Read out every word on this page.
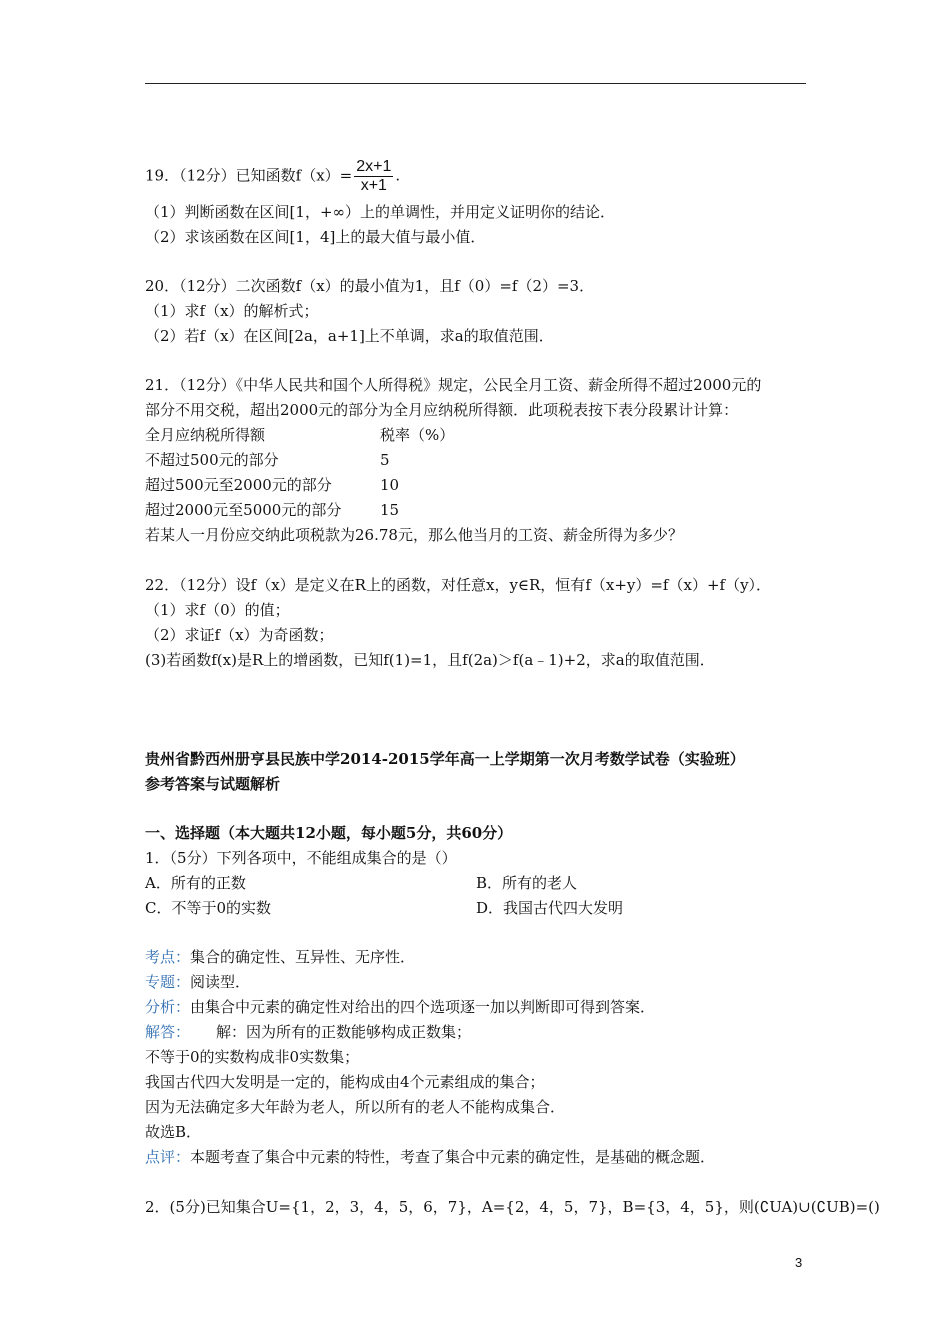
19．（12分）已知函数$f(x)= \frac{2x+1}{x+1}$ .
（1）判断函数在区间[1，+∞）上的单调性，并用定义证明你的结论．
（2）求该函数在区间[1，4]上的最大值与最小值．
20．（12分）二次函数f（x）的最小值为1，且f（0）=f（2）=3．
（1）求f（x）的解析式；
（2）若f（x）在区间[2a，a+1]上不单调，求a的取值范围．
21．（12分）《中华人民共和国个人所得税》规定，公民全月工资、薪金所得不超过2000元的
部分不用交税，超出2000元的部分为全月应纳税所得额．此项税表按下表分段累计计算：
全月应纳税所得额	税率（%）
不超过500元的部分	5
超过500元至2000元的部分	10
超过2000元至5000元的部分	15
若某人一月份应交纳此项税款为26.78元，那么他当月的工资、薪金所得为多少？
22．（12分）设f（x）是定义在R上的函数，对任意x，y∈R，恒有f（x+y）=f（x）+f（y）．
（1）求f（0）的值；
（2）求证f（x）为奇函数；
(3)若函数f(x)是R上的增函数，已知f(1)=1，且f(2a)＞f(a﹣1)+2，求a的取值范围．
贵州省黔西州册亨县民族中学2014-2015学年高一上学期第一次月考数学试卷（实验班）
参考答案与试题解析
一、选择题（本大题共12小题，每小题5分，共60分）
1．（5分）下列各项中，不能组成集合的是（）
A．所有的正数	B．所有的老人
C．不等于0的实数	D．我国古代四大发明
考点：集合的确定性、互异性、无序性．
专题：阅读型．
分析：由集合中元素的确定性对给出的四个选项逐一加以判断即可得到答案．
解答： 解：因为所有的正数能够构成正数集；
不等于0的实数构成非0实数集；
我国古代四大发明是一定的，能构成由4个元素组成的集合；
因为无法确定多大年龄为老人，所以所有的老人不能构成集合．
故选B．
点评：本题考查了集合中元素的特性，考查了集合中元素的确定性，是基础的概念题．
2．(5分)已知集合U={1，2，3，4，5，6，7}，A={2，4，5，7}，B={3，4，5}，则(∁UA)∪(∁UB)=()
3
